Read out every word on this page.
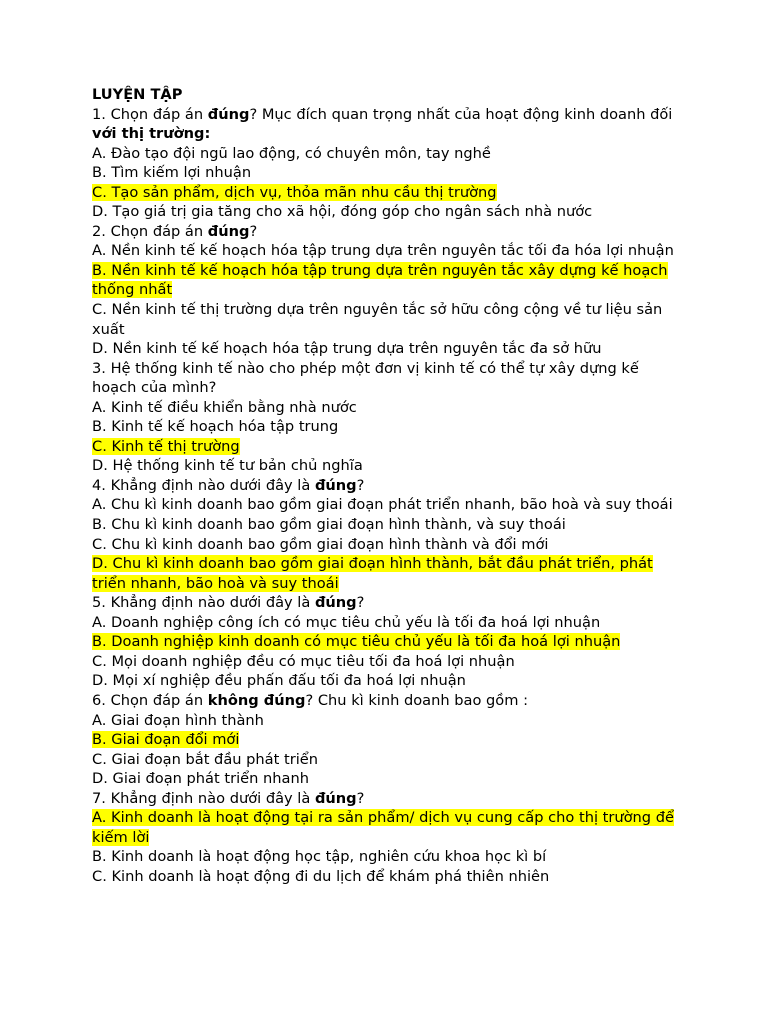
LUYỆN TẬP
1. Chọn đáp án đúng? Mục đích quan trọng nhất của hoạt động kinh doanh đối với thị trường:
A. Đào tạo đội ngũ lao động, có chuyên môn, tay nghề
B. Tìm kiếm lợi nhuận
C. Tạo sản phẩm, dịch vụ, thỏa mãn nhu cầu thị trường
D. Tạo giá trị gia tăng cho xã hội, đóng góp cho ngân sách nhà nước
2. Chọn đáp án đúng?
A. Nền kinh tế kế hoạch hóa tập trung dựa trên nguyên tắc tối đa hóa lợi nhuận
B. Nền kinh tế kế hoạch hóa tập trung dựa trên nguyên tắc xây dựng kế hoạch thống nhất
C. Nền kinh tế thị trường dựa trên nguyên tắc sở hữu công cộng về tư liệu sản xuất
D. Nền kinh tế kế hoạch hóa tập trung dựa trên nguyên tắc đa sở hữu
3. Hệ thống kinh tế nào cho phép một đơn vị kinh tế có thể tự xây dựng kế hoạch của mình?
A. Kinh tế điều khiển bằng nhà nước
B. Kinh tế kế hoạch hóa tập trung
C. Kinh tế thị trường
D. Hệ thống kinh tế tư bản chủ nghĩa
4. Khẳng định nào dưới đây là đúng?
A. Chu kì kinh doanh bao gồm giai đoạn phát triển nhanh, bão hoà và suy thoái
B. Chu kì kinh doanh bao gồm giai đoạn hình thành, và suy thoái
C. Chu kì kinh doanh bao gồm giai đoạn hình thành và đổi mới
D. Chu kì kinh doanh bao gồm giai đoạn hình thành, bắt đầu phát triển, phát triển nhanh, bão hoà và suy thoái
5. Khẳng định nào dưới đây là đúng?
A. Doanh nghiệp công ích có mục tiêu chủ yếu là tối đa hoá lợi nhuận
B. Doanh nghiệp kinh doanh có mục tiêu chủ yếu là tối đa hoá lợi nhuận
C. Mọi doanh nghiệp đều có mục tiêu tối đa hoá lợi nhuận
D. Mọi xí nghiệp đều phấn đấu tối đa hoá lợi nhuận
6. Chọn đáp án không đúng? Chu kì kinh doanh bao gồm :
A. Giai đoạn hình thành
B. Giai đoạn đổi mới
C. Giai đoạn bắt đầu phát triển
D. Giai đoạn phát triển nhanh
7. Khẳng định nào dưới đây là đúng?
A. Kinh doanh là hoạt động tại ra sản phẩm/ dịch vụ cung cấp cho thị trường để kiếm lời
B. Kinh doanh là hoạt động học tập, nghiên cứu khoa học kì bí
C. Kinh doanh là hoạt động đi du lịch để khám phá thiên nhiên
